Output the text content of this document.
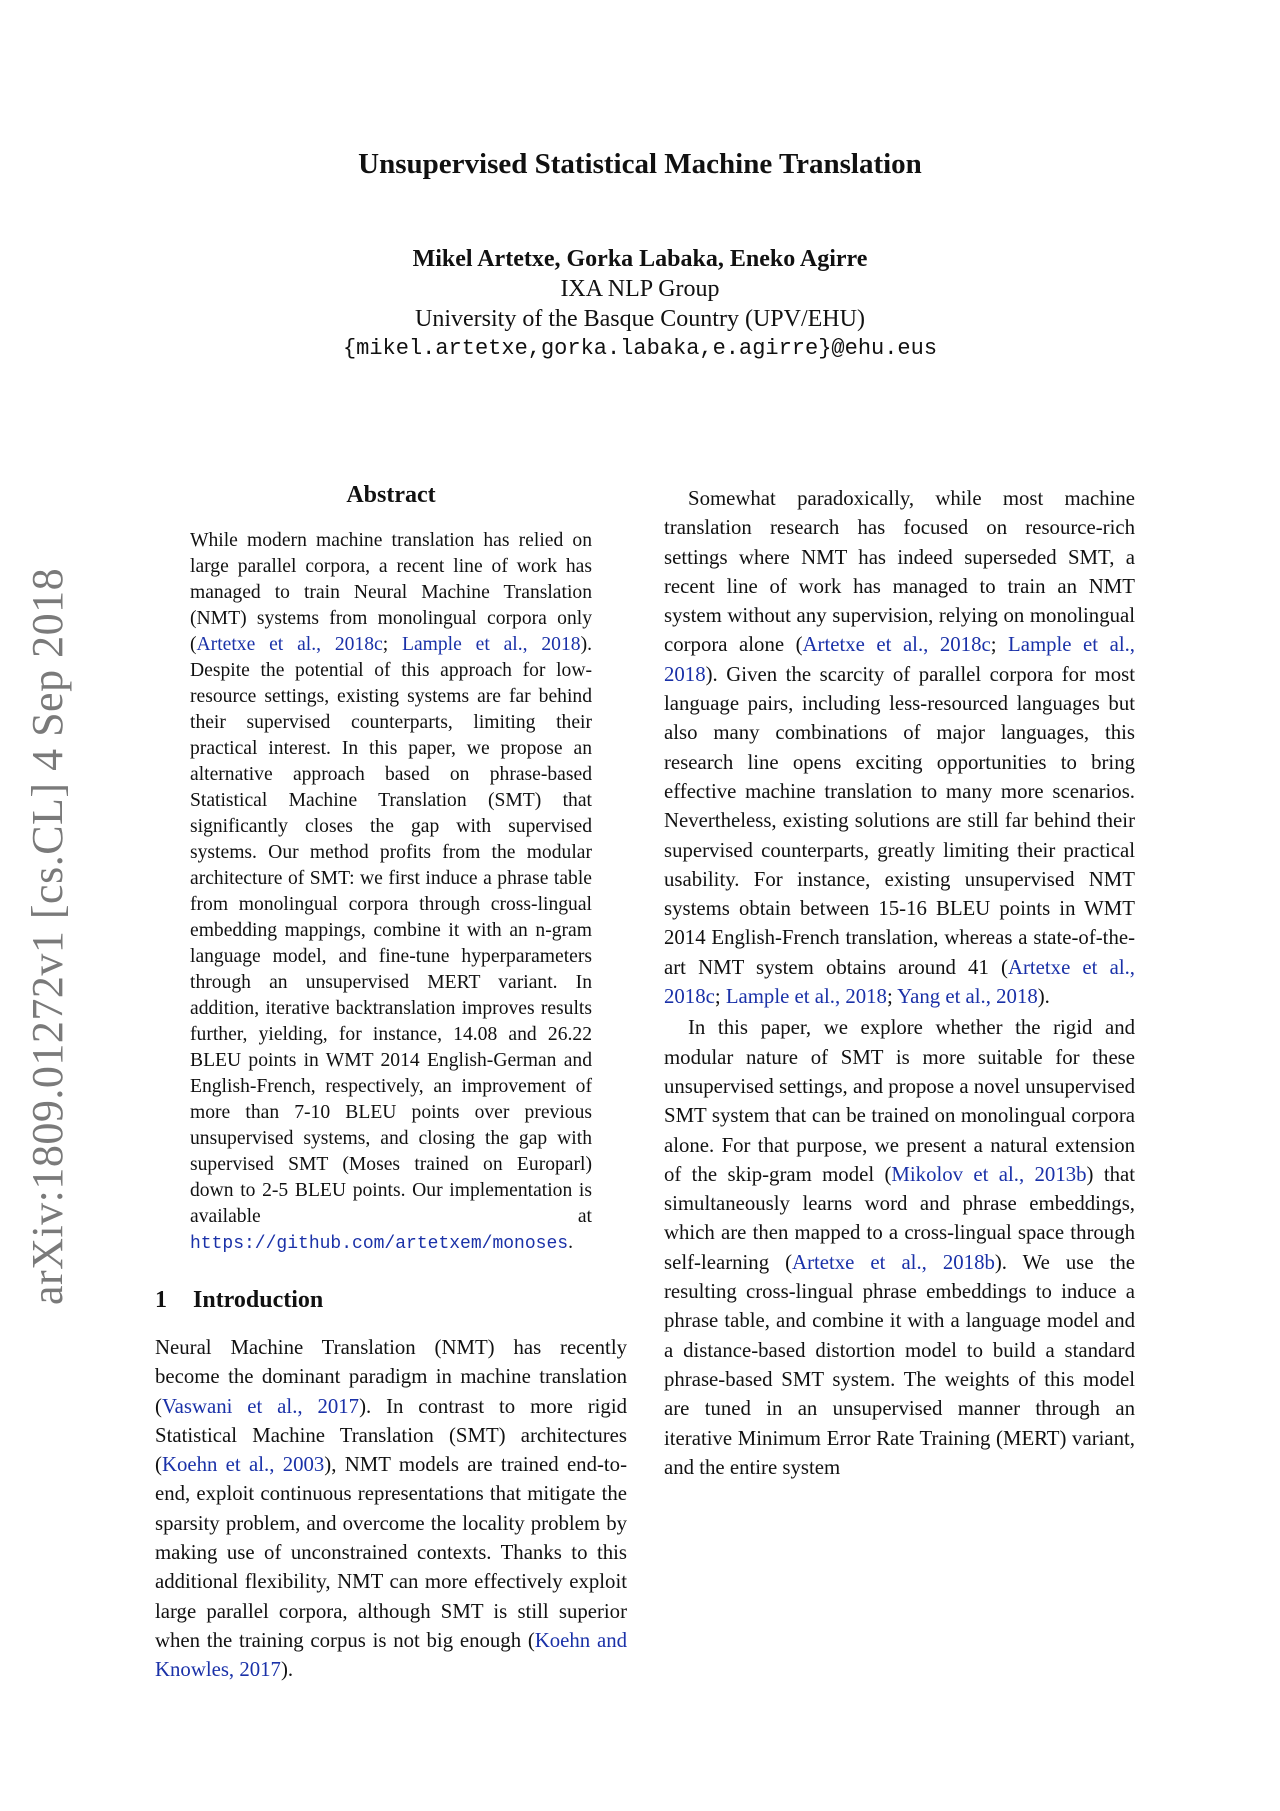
Unsupervised Statistical Machine Translation
Mikel Artetxe, Gorka Labaka, Eneko Agirre
IXA NLP Group
University of the Basque Country (UPV/EHU)
{mikel.artetxe,gorka.labaka,e.agirre}@ehu.eus
arXiv:1809.01272v1 [cs.CL] 4 Sep 2018
Abstract

While modern machine translation has relied on large parallel corpora, a recent line of work has managed to train Neural Machine Translation (NMT) systems from monolingual corpora only (Artetxe et al., 2018c; Lample et al., 2018). Despite the potential of this approach for low-resource settings, existing systems are far behind their supervised counterparts, limiting their practical interest. In this paper, we propose an alternative approach based on phrase-based Statistical Machine Translation (SMT) that significantly closes the gap with supervised systems. Our method profits from the modular architecture of SMT: we first induce a phrase table from monolingual corpora through cross-lingual embedding mappings, combine it with an n-gram language model, and fine-tune hyperparameters through an unsupervised MERT variant. In addition, iterative backtranslation improves results further, yielding, for instance, 14.08 and 26.22 BLEU points in WMT 2014 English-German and English-French, respectively, an improvement of more than 7-10 BLEU points over previous unsupervised systems, and closing the gap with supervised SMT (Moses trained on Europarl) down to 2-5 BLEU points. Our implementation is available at https://github.com/artetxem/monoses.

1 Introduction

Neural Machine Translation (NMT) has recently become the dominant paradigm in machine translation (Vaswani et al., 2017). In contrast to more rigid Statistical Machine Translation (SMT) architectures (Koehn et al., 2003), NMT models are trained end-to-end, exploit continuous representations that mitigate the sparsity problem, and overcome the locality problem by making use of unconstrained contexts. Thanks to this additional flexibility, NMT can more effectively exploit large parallel corpora, although SMT is still superior when the training corpus is not big enough (Koehn and Knowles, 2017).

Somewhat paradoxically, while most machine translation research has focused on resource-rich settings where NMT has indeed superseded SMT, a recent line of work has managed to train an NMT system without any supervision, relying on monolingual corpora alone (Artetxe et al., 2018c; Lample et al., 2018). Given the scarcity of parallel corpora for most language pairs, including less-resourced languages but also many combinations of major languages, this research line opens exciting opportunities to bring effective machine translation to many more scenarios. Nevertheless, existing solutions are still far behind their supervised counterparts, greatly limiting their practical usability. For instance, existing unsupervised NMT systems obtain between 15-16 BLEU points in WMT 2014 English-French translation, whereas a state-of-the-art NMT system obtains around 41 (Artetxe et al., 2018c; Lample et al., 2018; Yang et al., 2018).

In this paper, we explore whether the rigid and modular nature of SMT is more suitable for these unsupervised settings, and propose a novel unsupervised SMT system that can be trained on monolingual corpora alone. For that purpose, we present a natural extension of the skip-gram model (Mikolov et al., 2013b) that simultaneously learns word and phrase embeddings, which are then mapped to a cross-lingual space through self-learning (Artetxe et al., 2018b). We use the resulting cross-lingual phrase embeddings to induce a phrase table, and combine it with a language model and a distance-based distortion model to build a standard phrase-based SMT system. The weights of this model are tuned in an unsupervised manner through an iterative Minimum Error Rate Training (MERT) variant, and the entire system
